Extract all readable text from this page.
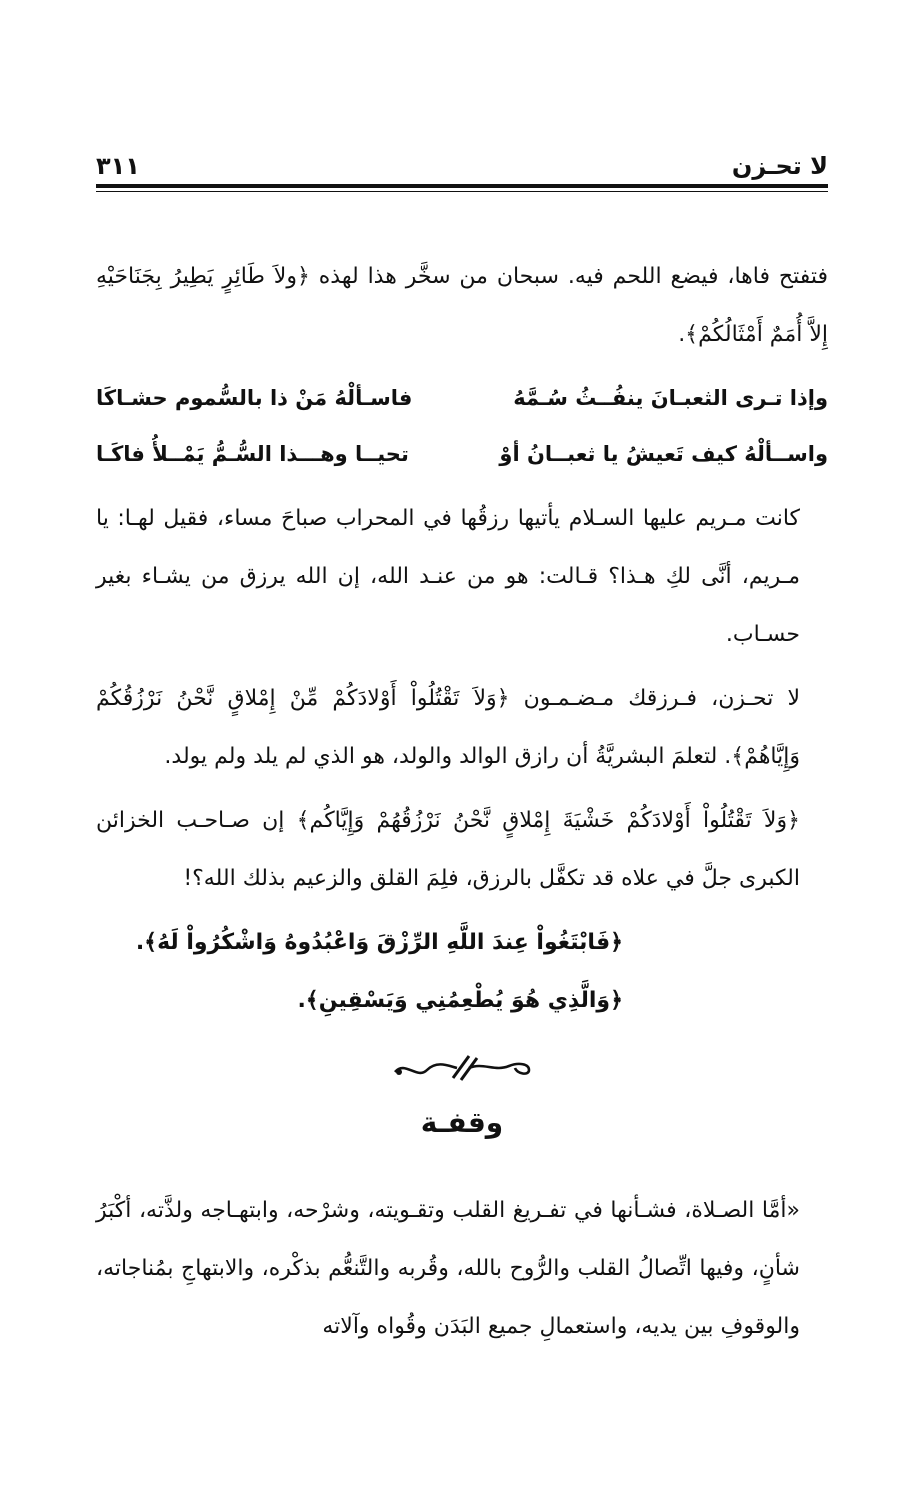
لا تحـزن
٣١١

فتفتح فاها، فيضع اللحم فيه. سبحان من سخَّر هذا لهذه ﴿ولاَ طَائِرٍ يَطِيرُ بِجَنَاحَيْهِ إِلاَّ أُمَمٌ أَمْثَالُكُمْ﴾.

وإذا تـرى الثعبـانَ ينفُــثُ سُـمَّهُ
فاسـألْهُ مَنْ ذا بالسُّموم حشـاكَا
واســألْهُ كيف تَعيشُ يا ثعبــانُ أوْ
تحيــا وهـــذا السُّـمُّ يَمْــلأُ فاكَـا

كانت مـريم عليها السـلام يأتيها رزقُها في المحراب صباحَ مساء، فقيل لهـا: يا مـريم، أنَّى لكِ هـذا؟ قـالت: هو من عنـد الله، إن الله يرزق من يشـاء بغير حسـاب.

لا تحـزن، فـرزقك مـضـمـون ﴿وَلاَ تَقْتُلُواْ أَوْلادَكُمْ مِّنْ إِمْلاقٍ نَّحْنُ نَرْزُقُكُمْ وَإِيَّاهُمْ﴾. لتعلمَ البشريَّةُ أن رازق الوالد والولد، هو الذي لم يلد ولم يولد.

﴿وَلاَ تَقْتُلُواْ أَوْلادَكُمْ خَشْيَةَ إِمْلاقٍ نَّحْنُ نَرْزُقُهُمْ وَإِيَّاكُم﴾ إن صـاحـب الخزائن الكبرى جلَّ في علاه قد تكفَّل بالرزق، فلِمَ القلق والزعيم بذلك الله؟!

﴿فَابْتَغُواْ عِندَ اللَّهِ الرِّزْقَ وَاعْبُدُوهُ وَاشْكُرُواْ لَهُ﴾.

﴿وَالَّذِي هُوَ يُطْعِمُنِي وَيَسْقِينِ﴾.

وقفـة

«أمَّا الصـلاة، فشـأنها في تفـريغ القلب وتقـويته، وشرْحه، وابتهـاجه ولذَّته، أكْبَرُ شأنٍ، وفيها اتِّصالُ القلب والرُّوح بالله، وقُربه والتَّنعُّم بذكْره، والابتهاجِ بمُناجاته، والوقوفِ بين يديه، واستعمالِ جميع البَدَن وقُواه وآلاته
